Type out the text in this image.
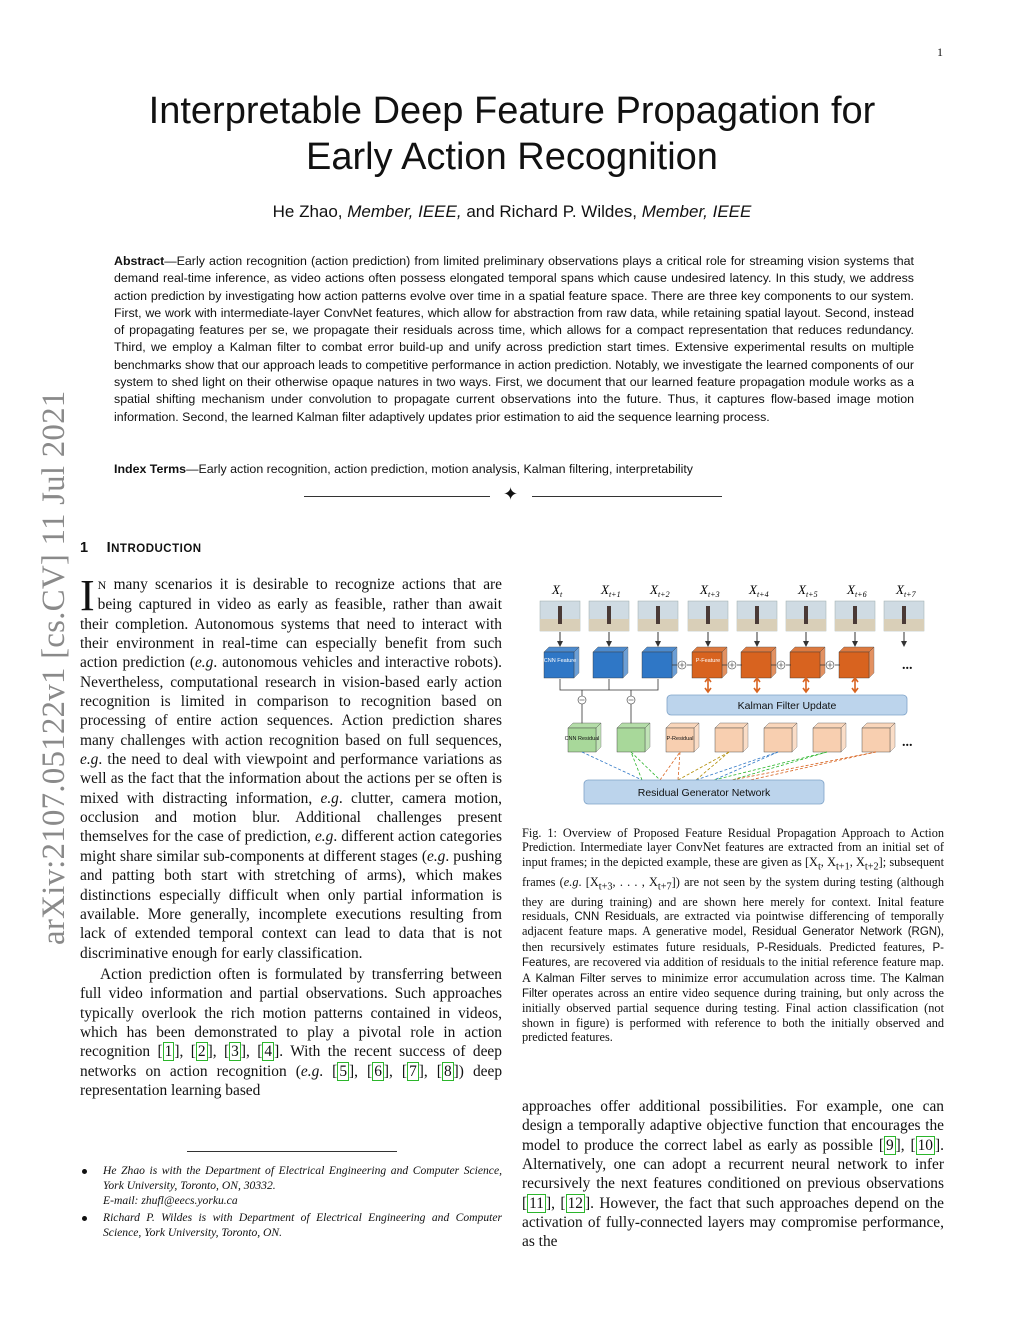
1
arXiv:2107.05122v1 [cs.CV] 11 Jul 2021
Interpretable Deep Feature Propagation for
Early Action Recognition
He Zhao, Member, IEEE, and Richard P. Wildes, Member, IEEE
Abstract—Early action recognition (action prediction) from limited preliminary observations plays a critical role for streaming vision systems that demand real-time inference, as video actions often possess elongated temporal spans which cause undesired latency. In this study, we address action prediction by investigating how action patterns evolve over time in a spatial feature space. There are three key components to our system. First, we work with intermediate-layer ConvNet features, which allow for abstraction from raw data, while retaining spatial layout. Second, instead of propagating features per se, we propagate their residuals across time, which allows for a compact representation that reduces redundancy. Third, we employ a Kalman filter to combat error build-up and unify across prediction start times. Extensive experimental results on multiple benchmarks show that our approach leads to competitive performance in action prediction. Notably, we investigate the learned components of our system to shed light on their otherwise opaque natures in two ways. First, we document that our learned feature propagation module works as a spatial shifting mechanism under convolution to propagate current observations into the future. Thus, it captures flow-based image motion information. Second, the learned Kalman filter adaptively updates prior estimation to aid the sequence learning process.
Index Terms—Early action recognition, action prediction, motion analysis, Kalman filtering, interpretability
✦
1 INTRODUCTION

I N many scenarios it is desirable to recognize actions that are being captured in video as early as feasible, rather than await their completion. Autonomous systems that need to interact with their environment in real-time can especially benefit from such action prediction (e.g. autonomous vehicles and interactive robots). Nevertheless, computational research in vision-based early action recognition is limited in comparison to recognition based on processing of entire action sequences. Action prediction shares many challenges with action recognition based on full sequences, e.g. the need to deal with viewpoint and performance variations as well as the fact that the information about the actions per se often is mixed with distracting information, e.g. clutter, camera motion, occlusion and motion blur. Additional challenges present themselves for the case of prediction, e.g. different action categories might share similar sub-components at different stages (e.g. pushing and patting both start with stretching of arms), which makes distinctions especially difficult when only partial information is available. More generally, incomplete executions resulting from lack of extended temporal context can lead to data that is not discriminative enough for early classification.

Action prediction often is formulated by transferring between full video information and partial observations. Such approaches typically overlook the rich motion patterns contained in videos, which has been demonstrated to play a pivotal role in action recognition [ 1 ], [ 2 ], [ 3 ], [ 4 ]. With the recent success of deep networks on action recognition (e.g. [ 5 ], [ 6 ], [ 7 ], [ 8 ]) deep representation learning based

He Zhao is with the Department of Electrical Engineering and Computer Science, York University, Toronto, ON, 30332.
E-mail: zhufl@eecs.yorku.ca
Richard P. Wildes is with Department of Electrical Engineering and Computer Science, York University, Toronto, ON.
$X_t$	$X_{t+1}$ $X_{t+2}$ $X_{t+3}$ $X_{t+4}$ $X_{t+5}$ $X_{t+6}$ $X_{t+7}$
CNN Feature	P-Feature
Kalman Filter Update
CNN Residual	P-Residual
Residual Generator Network
...
...
Fig. 1: Overview of Proposed Feature Residual Propagation Approach to Action Prediction. Intermediate layer ConvNet features are extracted from an initial set of input frames; in the depicted example, these are given as [$X_t$, $X_{t+1}$, $X_{t+2}$]; subsequent frames (e.g. [$X_{t+3}$, . . . , $X_{t+7}$]) are not seen by the system during testing (although they are during training) and are shown here merely for context. Inital feature residuals, CNN Residuals, are extracted via pointwise differencing of temporally adjacent feature maps. A generative model, Residual Generator Network (RGN), then recursively estimates future residuals, P-Residuals. Predicted features, P-Features, are recovered via addition of residuals to the initial reference feature map. A Kalman Filter serves to minimize error accumulation across time. The Kalman Filter operates across an entire video sequence during training, but only across the initially observed partial sequence during testing. Final action classification (not shown in figure) is performed with reference to both the initially observed and predicted features.

approaches offer additional possibilities. For example, one can design a temporally adaptive objective function that encourages the model to produce the correct label as early as possible [ 9 ], [ 10 ]. Alternatively, one can adopt a recurrent neural network to infer recursively the next features conditioned on previous observations [ 11 ], [ 12 ]. However, the fact that such approaches depend on the activation of fully-connected layers may compromise performance, as the
